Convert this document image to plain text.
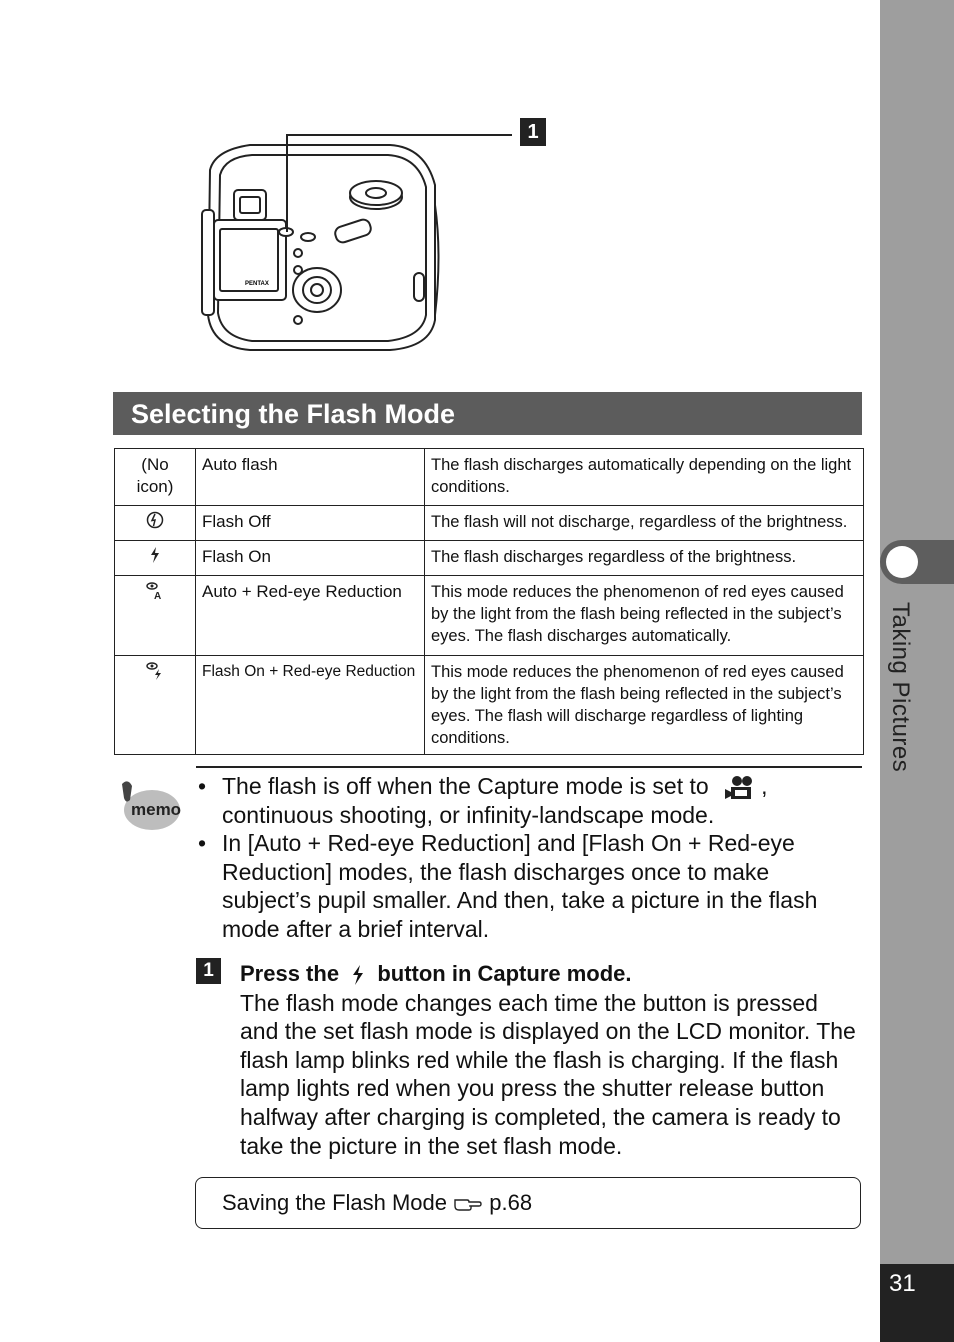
Taking Pictures
31
PENTAX
1
Selecting the Flash Mode
(No icon)	Auto flash	The flash discharges automatically depending on the light conditions.
	Flash Off	The flash will not discharge, regardless of the brightness.
	Flash On	The flash discharges regardless of the brightness.

A	Auto + Red-eye Reduction	This mode reduces the phenomenon of red eyes caused by the light from the flash being reflected in the subject’s eyes. The flash discharges automatically.
	Flash On + Red-eye Reduction	This mode reduces the phenomenon of red eyes caused by the light from the flash being reflected in the subject’s eyes. The flash will discharge regardless of lighting conditions.
memo
• The flash is off when the Capture mode is set to , continuous shooting, or infinity-landscape mode.
• In [Auto + Red-eye Reduction] and [Flash On + Red-eye Reduction] modes, the flash discharges once to make subject’s pupil smaller. And then, take a picture in the flash mode after a brief interval.
1	Press the button in Capture mode.
The flash mode changes each time the button is pressed and the set flash mode is displayed on the LCD monitor. The flash lamp blinks red while the flash is charging. If the flash lamp lights red when you press the shutter release button halfway after charging is completed, the camera is ready to take the picture in the set flash mode.
Saving the Flash Mode p.68
